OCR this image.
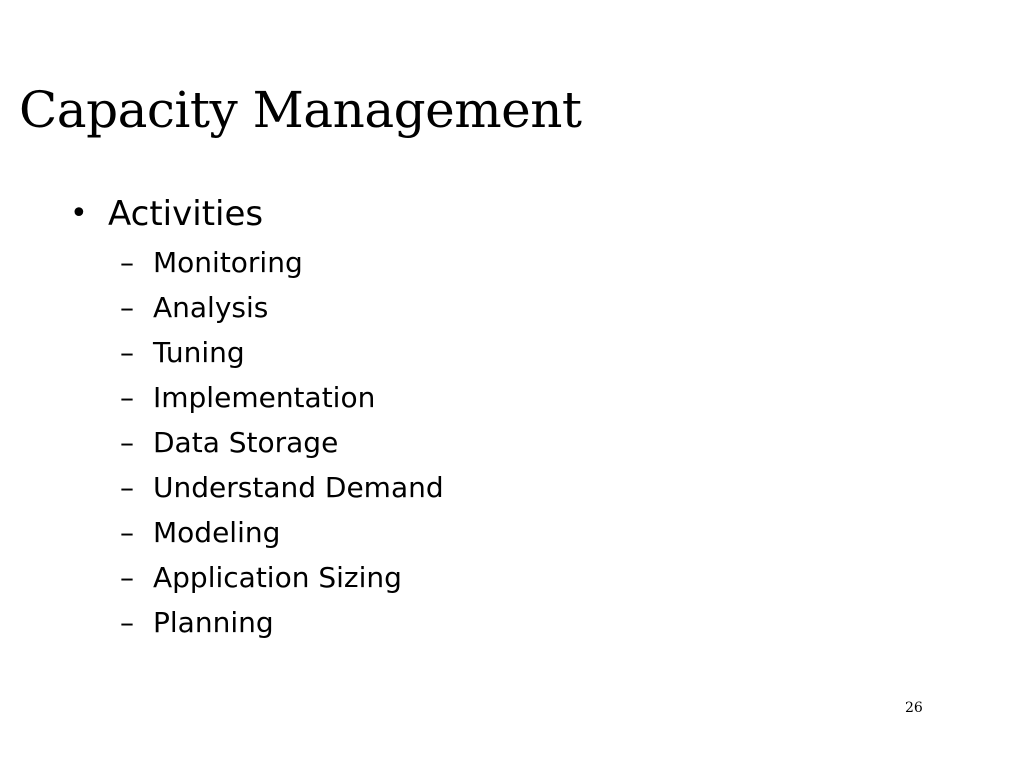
Capacity Management
• Activities
– Monitoring
– Analysis
– Tuning
– Implementation
– Data Storage
– Understand Demand
– Modeling
– Application Sizing
– Planning
26
